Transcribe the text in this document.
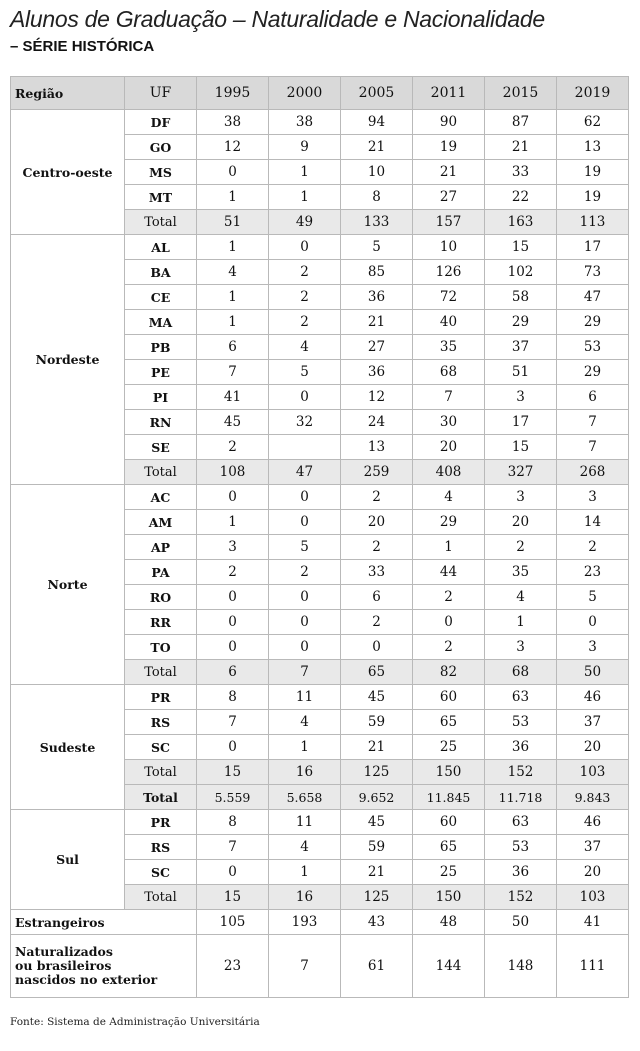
Alunos de Graduação – Naturalidade e Nacionalidade
– SÉRIE HISTÓRICA
Região	UF	1995	2000	2005	2011	2015	2019
Centro-oeste	DF	38	38	94	90	87	62
	GO	12	9	21	19	21	13
	MS	0	1	10	21	33	19
	MT	1	1	8	27	22	19
	Total	51	49	133	157	163	113
Nordeste	AL	1	0	5	10	15	17
	BA	4	2	85	126	102	73
	CE	1	2	36	72	58	47
	MA	1	2	21	40	29	29
	PB	6	4	27	35	37	53
	PE	7	5	36	68	51	29
	PI	41	0	12	7	3	6
	RN	45	32	24	30	17	7
	SE	2		13	20	15	7
	Total	108	47	259	408	327	268
Norte	AC	0	0	2	4	3	3
	AM	1	0	20	29	20	14
	AP	3	5	2	1	2	2
	PA	2	2	33	44	35	23
	RO	0	0	6	2	4	5
	RR	0	0	2	0	1	0
	TO	0	0	0	2	3	3
	Total	6	7	65	82	68	50
Sudeste	PR	8	11	45	60	63	46
	RS	7	4	59	65	53	37
	SC	0	1	21	25	36	20
	Total	15	16	125	150	152	103
	Total	5.559	5.658	9.652	11.845	11.718	9.843
Sul	PR	8	11	45	60	63	46
	RS	7	4	59	65	53	37
	SC	0	1	21	25	36	20
	Total	15	16	125	150	152	103
Estrangeiros		105	193	43	48	50	41

Naturalizados
ou brasileiros
nascidos no exterior		23	7	61	144	148	111
Fonte: Sistema de Administração Universitária
